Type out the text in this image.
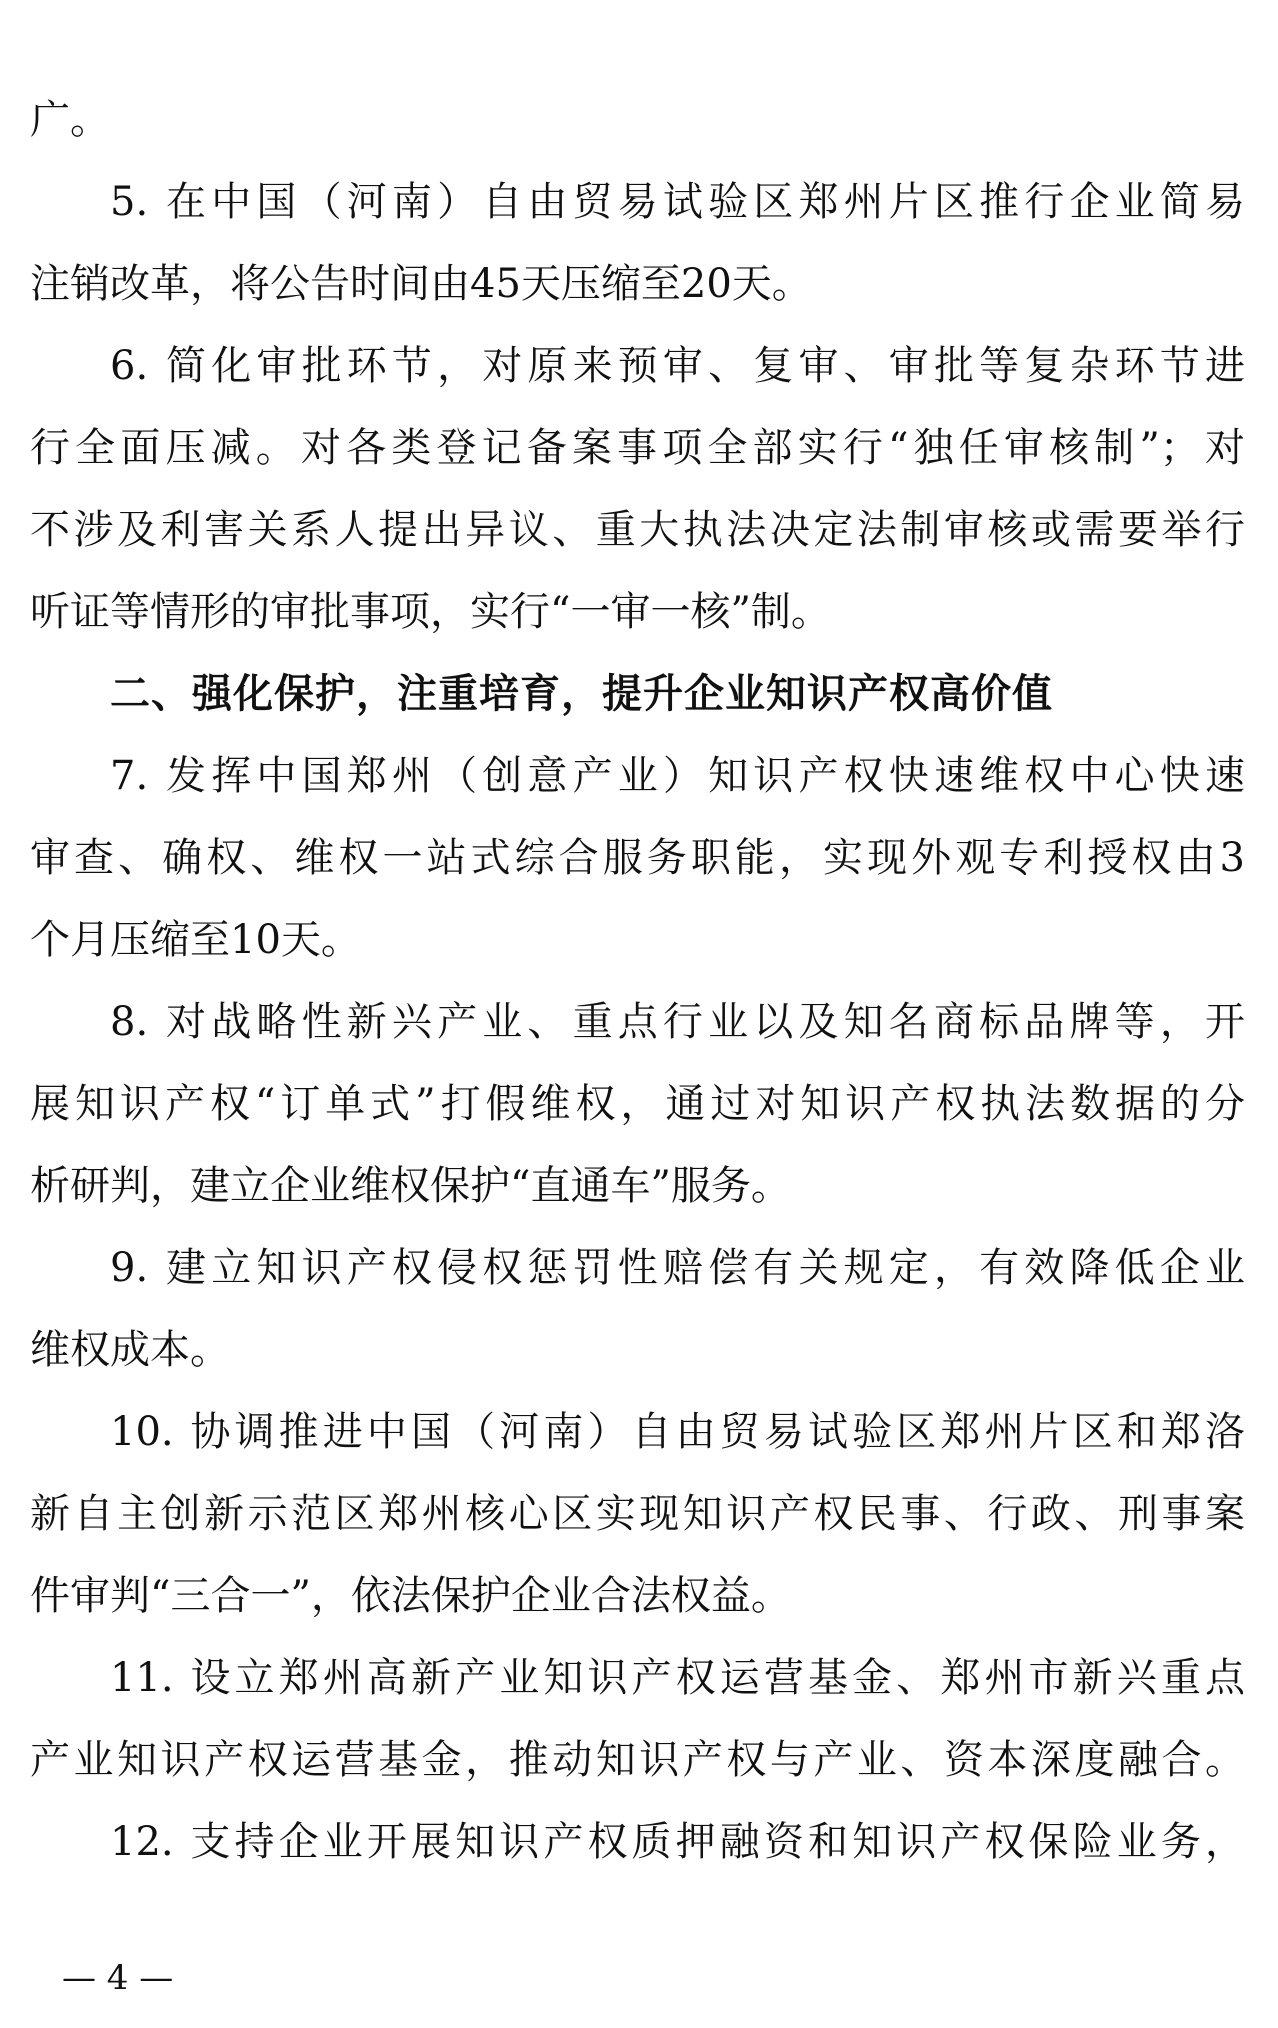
广。

5. 在中国（河南）自由贸易试验区郑州片区推行企业简易

注销改革，将公告时间由45天压缩至20天。

6. 简化审批环节，对原来预审、复审、审批等复杂环节进

行全面压减。对各类登记备案事项全部实行“独任审核制”；对

不涉及利害关系人提出异议、重大执法决定法制审核或需要举行

听证等情形的审批事项，实行“一审一核”制。

二、强化保护，注重培育，提升企业知识产权高价值

7. 发挥中国郑州（创意产业）知识产权快速维权中心快速

审查、确权、维权一站式综合服务职能，实现外观专利授权由3

个月压缩至10天。

8. 对战略性新兴产业、重点行业以及知名商标品牌等，开

展知识产权“订单式”打假维权，通过对知识产权执法数据的分

析研判，建立企业维权保护“直通车”服务。

9. 建立知识产权侵权惩罚性赔偿有关规定，有效降低企业

维权成本。

10. 协调推进中国（河南）自由贸易试验区郑州片区和郑洛

新自主创新示范区郑州核心区实现知识产权民事、行政、刑事案

件审判“三合一”，依法保护企业合法权益。

11. 设立郑州高新产业知识产权运营基金、郑州市新兴重点

产业知识产权运营基金，推动知识产权与产业、资本深度融合。

12. 支持企业开展知识产权质押融资和知识产权保险业务，

— 4 —
